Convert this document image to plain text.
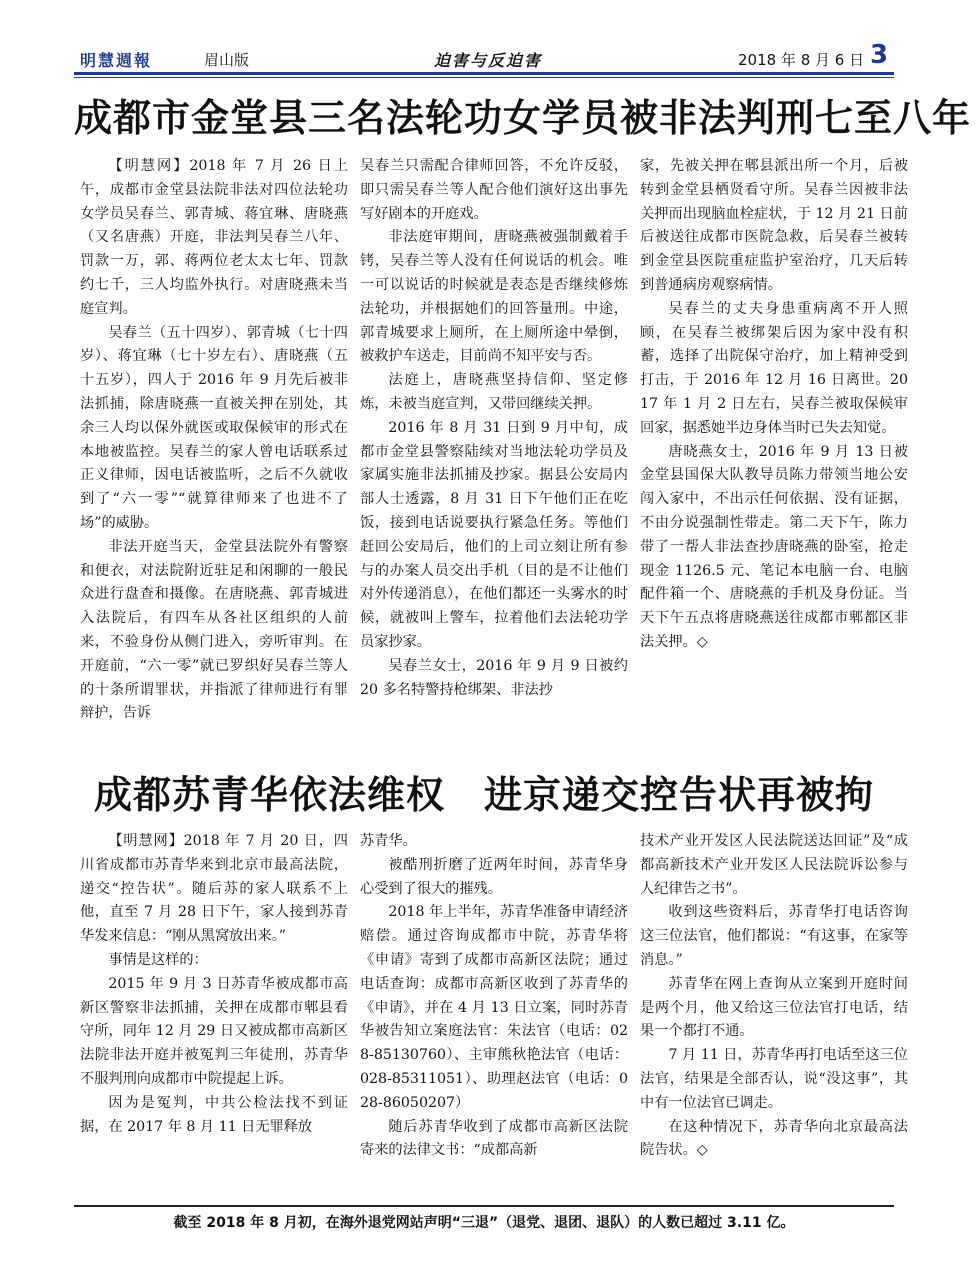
明慧週報	眉山版	迫害与反迫害	2018 年 8 月 6 日 3
成都市金堂县三名法轮功女学员被非法判刑七至八年

【明慧网】2018 年 7 月 26 日上午，成都市金堂县法院非法对四位法轮功女学员吴春兰、郭青城、蒋宜琳、唐晓燕（又名唐燕）开庭，非法判吴春兰八年、罚款一万，郭、蒋两位老太太七年、罚款约七千，三人均监外执行。对唐晓燕未当庭宣判。

吴春兰（五十四岁）、郭青城（七十四岁）、蒋宜琳（七十岁左右）、唐晓燕（五十五岁），四人于 2016 年 9 月先后被非法抓捕，除唐晓燕一直被关押在别处，其余三人均以保外就医或取保候审的形式在本地被监控。吴春兰的家人曾电话联系过正义律师，因电话被监听，之后不久就收到了“六一零”“就算律师来了也进不了场”的威胁。

非法开庭当天，金堂县法院外有警察和便衣，对法院附近驻足和闲聊的一般民众进行盘查和摄像。在唐晓燕、郭青城进入法院后，有四车从各社区组织的人前来，不验身份从侧门进入，旁听审判。在开庭前，“六一零”就已罗织好吴春兰等人的十条所谓罪状，并指派了律师进行有罪辩护，告诉

吴春兰只需配合律师回答，不允许反驳，即只需吴春兰等人配合他们演好这出事先写好剧本的开庭戏。

非法庭审期间，唐晓燕被强制戴着手铐，吴春兰等人没有任何说话的机会。唯一可以说话的时候就是表态是否继续修炼法轮功，并根据她们的回答量刑。中途，郭青城要求上厕所，在上厕所途中晕倒，被救护车送走，目前尚不知平安与否。

法庭上，唐晓燕坚持信仰、坚定修炼，未被当庭宣判，又带回继续关押。

2016 年 8 月 31 日到 9 月中旬，成都市金堂县警察陆续对当地法轮功学员及家属实施非法抓捕及抄家。据县公安局内部人士透露，8 月 31 日下午他们正在吃饭，接到电话说要执行紧急任务。等他们赶回公安局后，他们的上司立刻让所有参与的办案人员交出手机（目的是不让他们对外传递消息），在他们都还一头雾水的时候，就被叫上警车，拉着他们去法轮功学员家抄家。

吴春兰女士，2016 年 9 月 9 日被约 20 多名特警持枪绑架、非法抄

家，先被关押在郫县派出所一个月，后被转到金堂县栖贤看守所。吴春兰因被非法关押而出现脑血栓症状，于 12 月 21 日前后被送往成都市医院急救，后吴春兰被转到金堂县医院重症监护室治疗，几天后转到普通病房观察病情。

吴春兰的丈夫身患重病离不开人照顾，在吴春兰被绑架后因为家中没有积蓄，选择了出院保守治疗，加上精神受到打击，于 2016 年 12 月 16 日离世。2017 年 1 月 2 日左右，吴春兰被取保候审回家，据悉她半边身体当时已失去知觉。

唐晓燕女士，2016 年 9 月 13 日被金堂县国保大队教导员陈力带领当地公安闯入家中，不出示任何依据、没有证据，不由分说强制性带走。第二天下午，陈力带了一帮人非法查抄唐晓燕的卧室，抢走现金 1126.5 元、笔记本电脑一台、电脑配件箱一个、唐晓燕的手机及身份证。当天下午五点将唐晓燕送往成都市郫都区非法关押。◇

成都苏青华依法维权　进京递交控告状再被拘

【明慧网】2018 年 7 月 20 日，四川省成都市苏青华来到北京市最高法院，递交“控告状”。随后苏的家人联系不上他，直至 7 月 28 日下午，家人接到苏青华发来信息：“刚从黑窝放出来。”

事情是这样的：

2015 年 9 月 3 日苏青华被成都市高新区警察非法抓捕，关押在成都市郫县看守所，同年 12 月 29 日又被成都市高新区法院非法开庭并被冤判三年徒刑，苏青华不服判刑向成都市中院提起上诉。

因为是冤判，中共公检法找不到证据，在 2017 年 8 月 11 日无罪释放

苏青华。

被酷刑折磨了近两年时间，苏青华身心受到了很大的摧残。

2018 年上半年，苏青华准备申请经济赔偿。通过咨询成都市中院，苏青华将《申请》寄到了成都市高新区法院；通过电话查询：成都市高新区收到了苏青华的《申请》，并在 4 月 13 日立案，同时苏青华被告知立案庭法官：朱法官（电话：028-85130760）、主审熊秋艳法官（电话：028-85311051）、助理赵法官（电话：028-86050207）

随后苏青华收到了成都市高新区法院寄来的法律文书：“成都高新

技术产业开发区人民法院送达回证”及“成都高新技术产业开发区人民法院诉讼参与人纪律告之书”。

收到这些资料后，苏青华打电话咨询这三位法官，他们都说：“有这事，在家等消息。”

苏青华在网上查询从立案到开庭时间是两个月，他又给这三位法官打电话，结果一个都打不通。

7 月 11 日，苏青华再打电话至这三位法官，结果是全部否认，说“没这事”，其中有一位法官已调走。

在这种情况下，苏青华向北京最高法院告状。◇

截至 2018 年 8 月初，在海外退党网站声明“三退”（退党、退团、退队）的人数已超过 3.11 亿。
